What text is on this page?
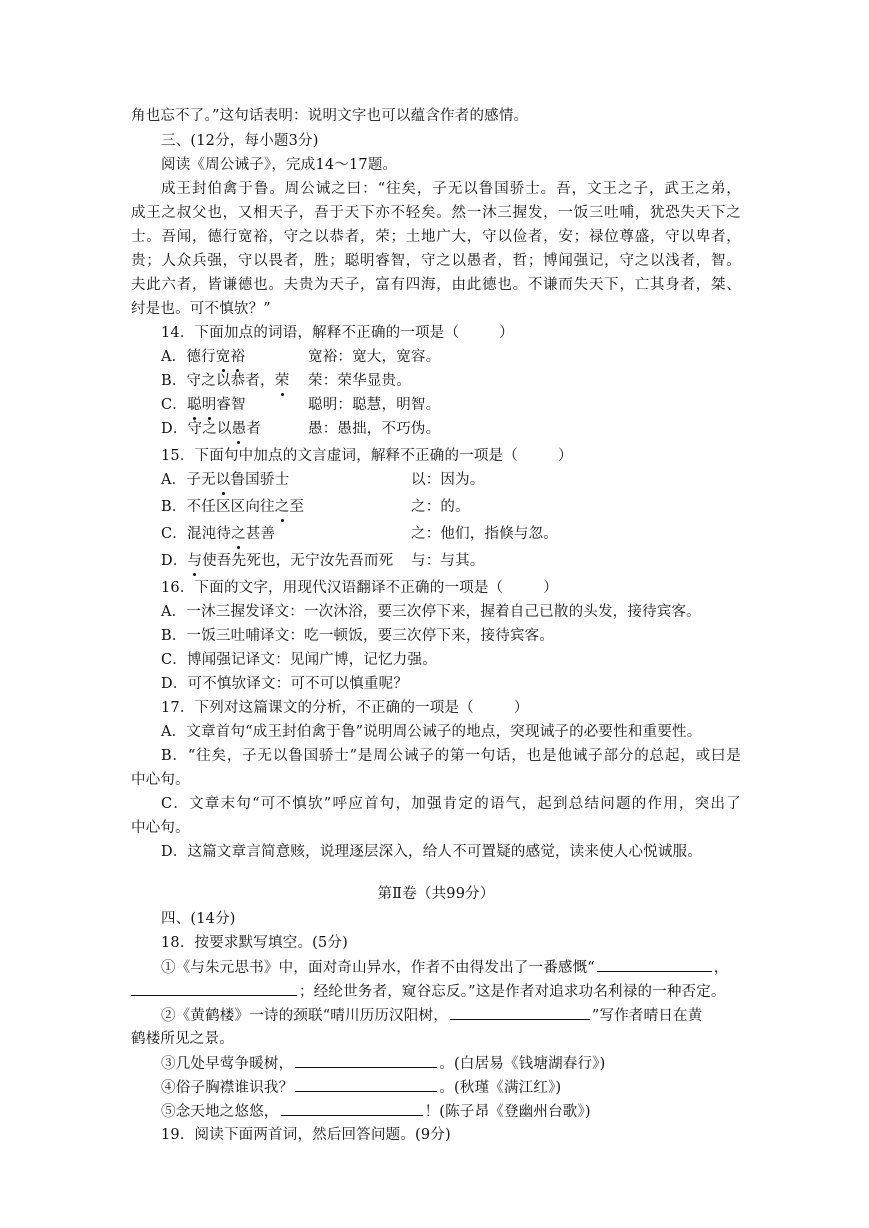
角也忘不了。”这句话表明：说明文字也可以蕴含作者的感情。
三、(12分，每小题3分)
阅读《周公诫子》，完成14～17题。
成王封伯禽于鲁。周公诫之曰：“往矣，子无以鲁国骄士。吾，文王之子，武王之弟，
成王之叔父也，又相天子，吾于天下亦不轻矣。然一沐三握发，一饭三吐哺，犹恐失天下之
士。吾闻，德行宽裕，守之以恭者，荣；土地广大，守以俭者，安；禄位尊盛，守以卑者，
贵；人众兵强，守以畏者，胜；聪明睿智，守之以愚者，哲；博闻强记，守之以浅者，智。
夫此六者，皆谦德也。夫贵为天子，富有四海，由此德也。不谦而失天下，亡其身者，桀、
纣是也。可不慎欤？”
14．下面加点的词语，解释不正确的一项是（	）
A．德行宽裕	宽裕：宽大，宽容。
B．守之以恭者，荣 荣：荣华显贵。
C．聪明睿智	聪明：聪慧，明智。
D．守之以愚者	愚：愚拙，不巧伪。
15．下面句中加点的文言虚词，解释不正确的一项是（	）
A．子无以鲁国骄士	以：因为。
B．不任区区向往之至	之：的。
C．混沌待之甚善	之：他们，指倏与忽。
D．与使吾先死也，无宁汝先吾而死 与：与其。
16．下面的文字，用现代汉语翻译不正确的一项是（	）
A．一沐三握发译文：一次沐浴，要三次停下来，握着自己已散的头发，接待宾客。
B．一饭三吐哺译文：吃一顿饭，要三次停下来，接待宾客。
C．博闻强记译文：见闻广博，记忆力强。
D．可不慎欤译文：可不可以慎重呢？
17．下列对这篇课文的分析，不正确的一项是（	）
A．文章首句“成王封伯禽于鲁”说明周公诫子的地点，突现诫子的必要性和重要性。
B．“往矣，子无以鲁国骄士”是周公诫子的第一句话，也是他诫子部分的总起，或曰是
中心句。
C．文章末句“可不慎欤”呼应首句，加强肯定的语气，起到总结问题的作用，突出了
中心句。
D．这篇文章言简意赅，说理逐层深入，给人不可置疑的感觉，读来使人心悦诚服。
第Ⅱ卷（共99分）
四、(14分)
18．按要求默写填空。(5分)
①《与朱元思书》中，面对奇山异水，作者不由得发出了一番感慨“	，
；经纶世务者，窥谷忘反。”这是作者对追求功名利禄的一种否定。
②《黄鹤楼》一诗的颈联“晴川历历汉阳树，	”写作者晴日在黄
鹤楼所见之景。
③几处早莺争暖树，	。(白居易《钱塘湖春行》)
④俗子胸襟谁识我？	。(秋瑾《满江红》)
⑤念天地之悠悠，	！(陈子昂《登幽州台歌》)
19．阅读下面两首词，然后回答问题。(9分)
